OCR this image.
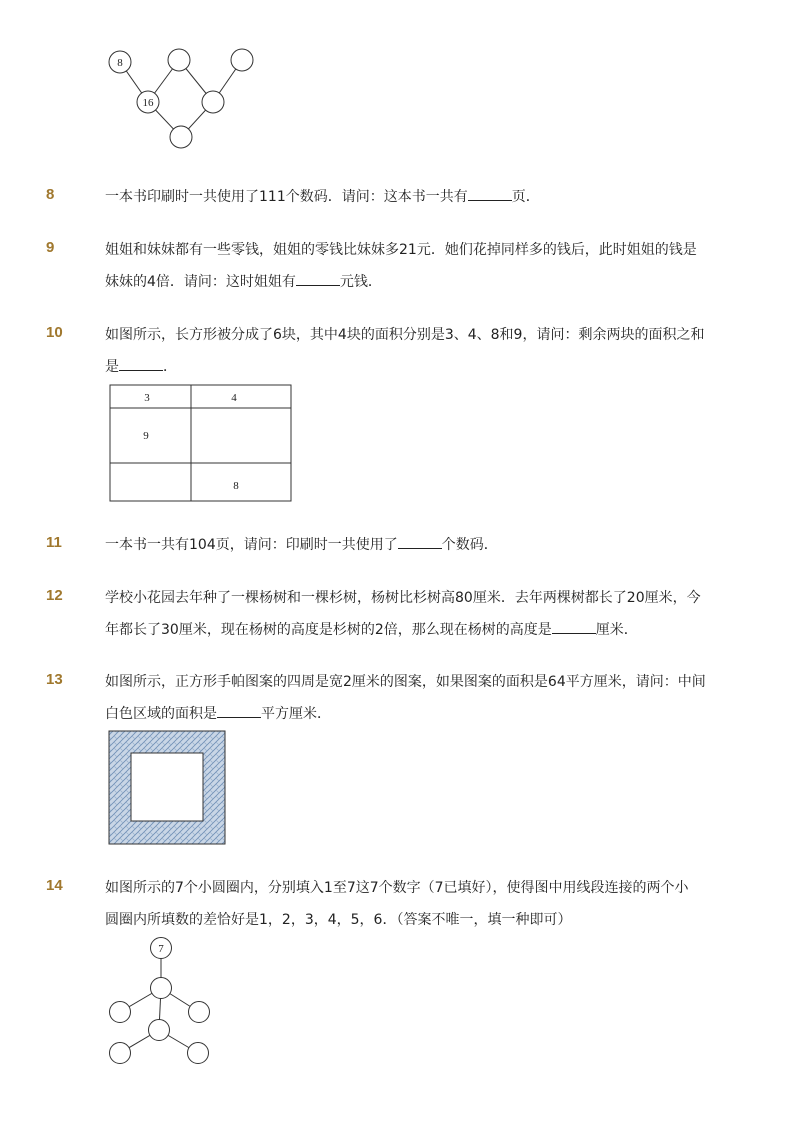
8
16
8	一本书印刷时一共使用了111个数码．请问：这本书一共有	页．
9	姐姐和妹妹都有一些零钱，姐姐的零钱比妹妹多21元．她们花掉同样多的钱后，此时姐姐的钱是
妹妹的4倍．请问：这时姐姐有	元钱．
10	如图所示，长方形被分成了6块，其中4块的面积分别是3、4、8和9，请问：剩余两块的面积之和
是	．
3	4
9
8
11	一本书一共有104页，请问：印刷时一共使用了	个数码．
12	学校小花园去年种了一棵杨树和一棵杉树，杨树比杉树高80厘米．去年两棵树都长了20厘米，今
年都长了30厘米，现在杨树的高度是杉树的2倍，那么现在杨树的高度是	厘米．
13	如图所示，正方形手帕图案的四周是宽2厘米的图案，如果图案的面积是64平方厘米，请问：中间
白色区域的面积是	平方厘米．
14	如图所示的7个小圆圈内，分别填入1至7这7个数字（7已填好），使得图中用线段连接的两个小
圆圈内所填数的差恰好是1，2，3，4，5，6．（答案不唯一，填一种即可）
7
